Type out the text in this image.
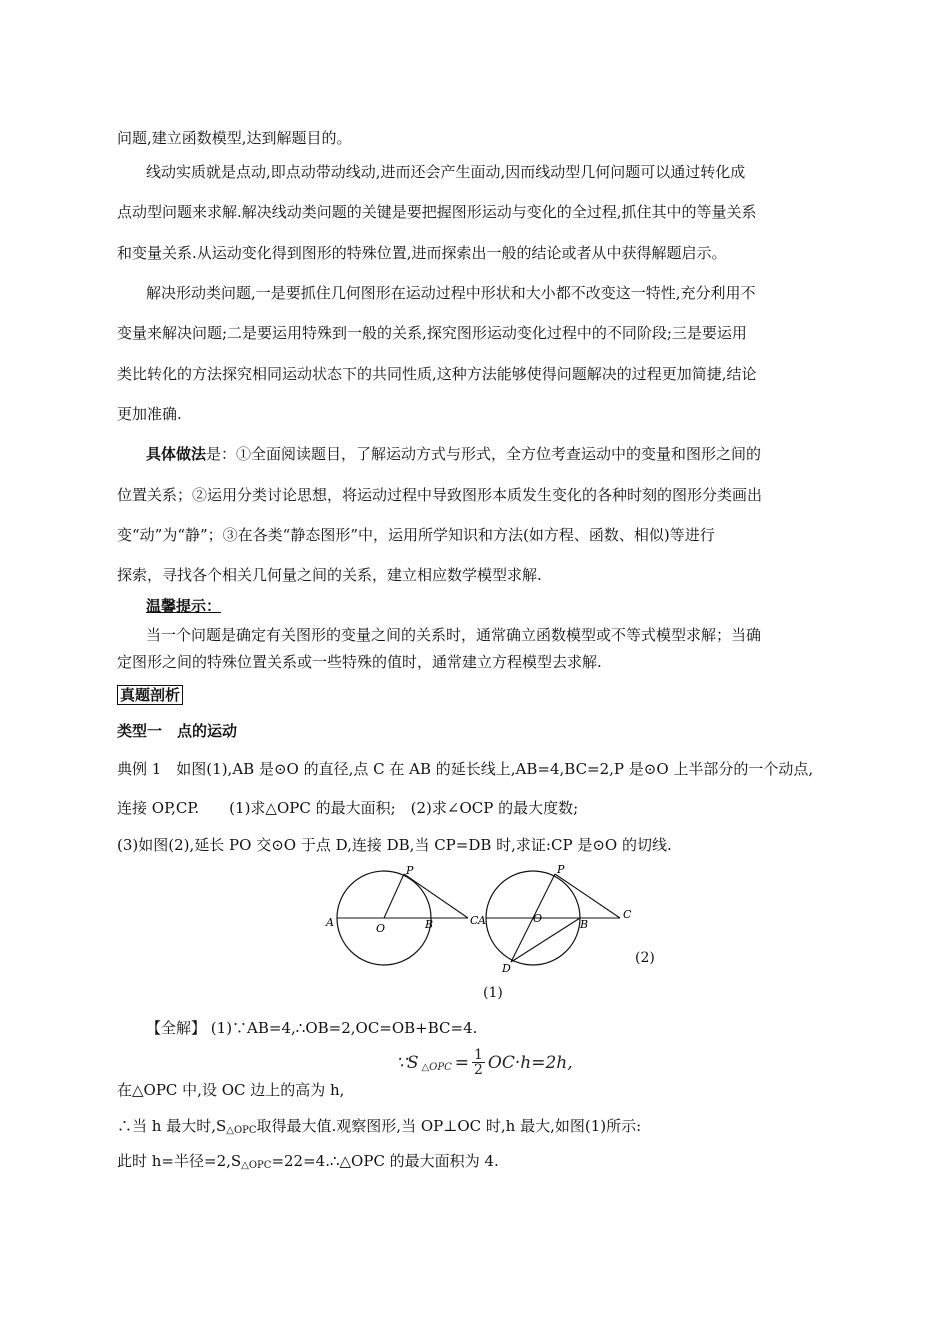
问题,建立函数模型,达到解题目的。
线动实质就是点动,即点动带动线动,进而还会产生面动,因而线动型几何问题可以通过转化成
点动型问题来求解.解决线动类问题的关键是要把握图形运动与变化的全过程,抓住其中的等量关系
和变量关系.从运动变化得到图形的特殊位置,进而探索出一般的结论或者从中获得解题启示。
解决形动类问题,一是要抓住几何图形在运动过程中形状和大小都不改变这一特性,充分利用不
变量来解决问题;二是要运用特殊到一般的关系,探究图形运动变化过程中的不同阶段;三是要运用
类比转化的方法探究相同运动状态下的共同性质,这种方法能够使得问题解决的过程更加简捷,结论
更加准确.
具体做法是：①全面阅读题目，了解运动方式与形式，全方位考查运动中的变量和图形之间的
位置关系；②运用分类讨论思想，将运动过程中导致图形本质发生变化的各种时刻的图形分类画出
变“动”为“静”；③在各类“静态图形”中，运用所学知识和方法(如方程、函数、相似)等进行
探索，寻找各个相关几何量之间的关系，建立相应数学模型求解.
温馨提示：
当一个问题是确定有关图形的变量之间的关系时，通常确立函数模型或不等式模型求解；当确
定图形之间的特殊位置关系或一些特殊的值时，通常建立方程模型去求解.
真题剖析
类型一　点的运动
典例 1　如图(1),AB 是⊙O 的直径,点 C 在 AB 的延长线上,AB=4,BC=2,P 是⊙O 上半部分的一个动点,
连接 OP,CP.　　(1)求△OPC 的最大面积;　(2)求∠OCP 的最大度数;
(3)如图(2),延长 PO 交⊙O 于点 D,连接 DB,当 CP=DB 时,求证:CP 是⊙O 的切线.
P
A	O	B	C
P
A	O	B
C
D
(2)
(1)
【全解】 (1)∵AB=4,∴OB=2,OC=OB+BC=4.
∵S △OPC = $\frac{1}{2} OC\cdot h=2h$,
在△OPC 中,设 OC 边上的高为 h,
∴当 h 最大时$,S_{\triangle OPC}$取得最大值.观察图形,当 OP⊥OC 时,h 最大,如图(1)所示:
此时 h=半径$=2,S_{\triangle OPC}=22=4.\therefore\triangle OPC$ 的最大面积为 4.
